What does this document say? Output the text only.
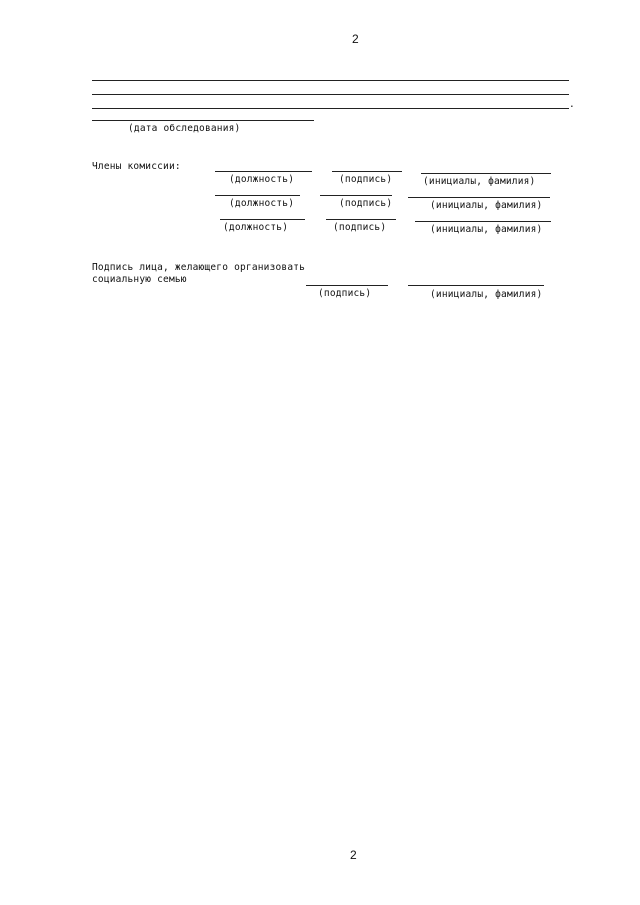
2
.
(дата обследования)
Члены комиссии:
(должность)	(подпись)	(инициалы, фамилия)
(должность)	(подпись)	(инициалы, фамилия)
(должность)	(подпись)	(инициалы, фамилия)
Подпись лица, желающего организовать
социальную семью
(подпись)	(инициалы, фамилия)
2
